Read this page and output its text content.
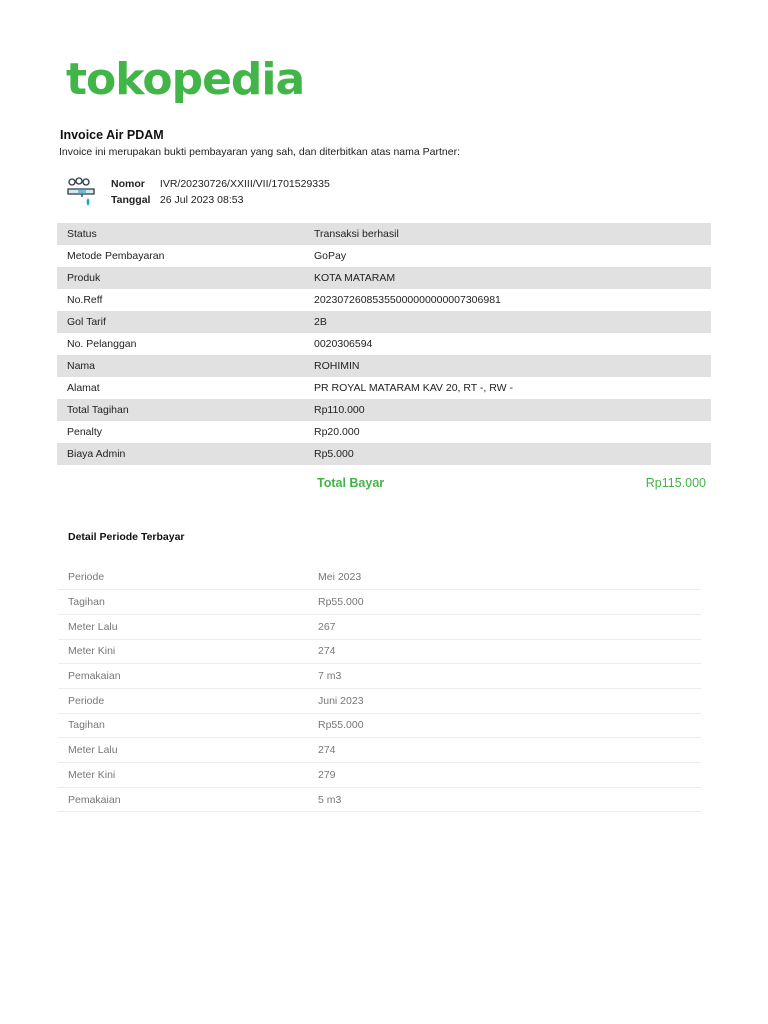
tokopedia
Invoice Air PDAM
Invoice ini merupakan bukti pembayaran yang sah, dan diterbitkan atas nama Partner:
Nomor IVR/20230726/XXIII/VII/1701529335
Tanggal 26 Jul 2023 08:53
Status	Transaksi berhasil
Metode Pembayaran	GoPay
Produk	KOTA MATARAM
No.Reff	20230726085355000000000007306981
Gol Tarif	2B
No. Pelanggan	0020306594
Nama	ROHIMIN
Alamat	PR ROYAL MATARAM KAV 20, RT -, RW -
Total Tagihan	Rp110.000
Penalty	Rp20.000
Biaya Admin	Rp5.000
Total Bayar	Rp115.000
Detail Periode Terbayar
Periode	Mei 2023
Tagihan	Rp55.000
Meter Lalu	267
Meter Kini	274
Pemakaian	7 m3
Periode	Juni 2023
Tagihan	Rp55.000
Meter Lalu	274
Meter Kini	279
Pemakaian	5 m3
